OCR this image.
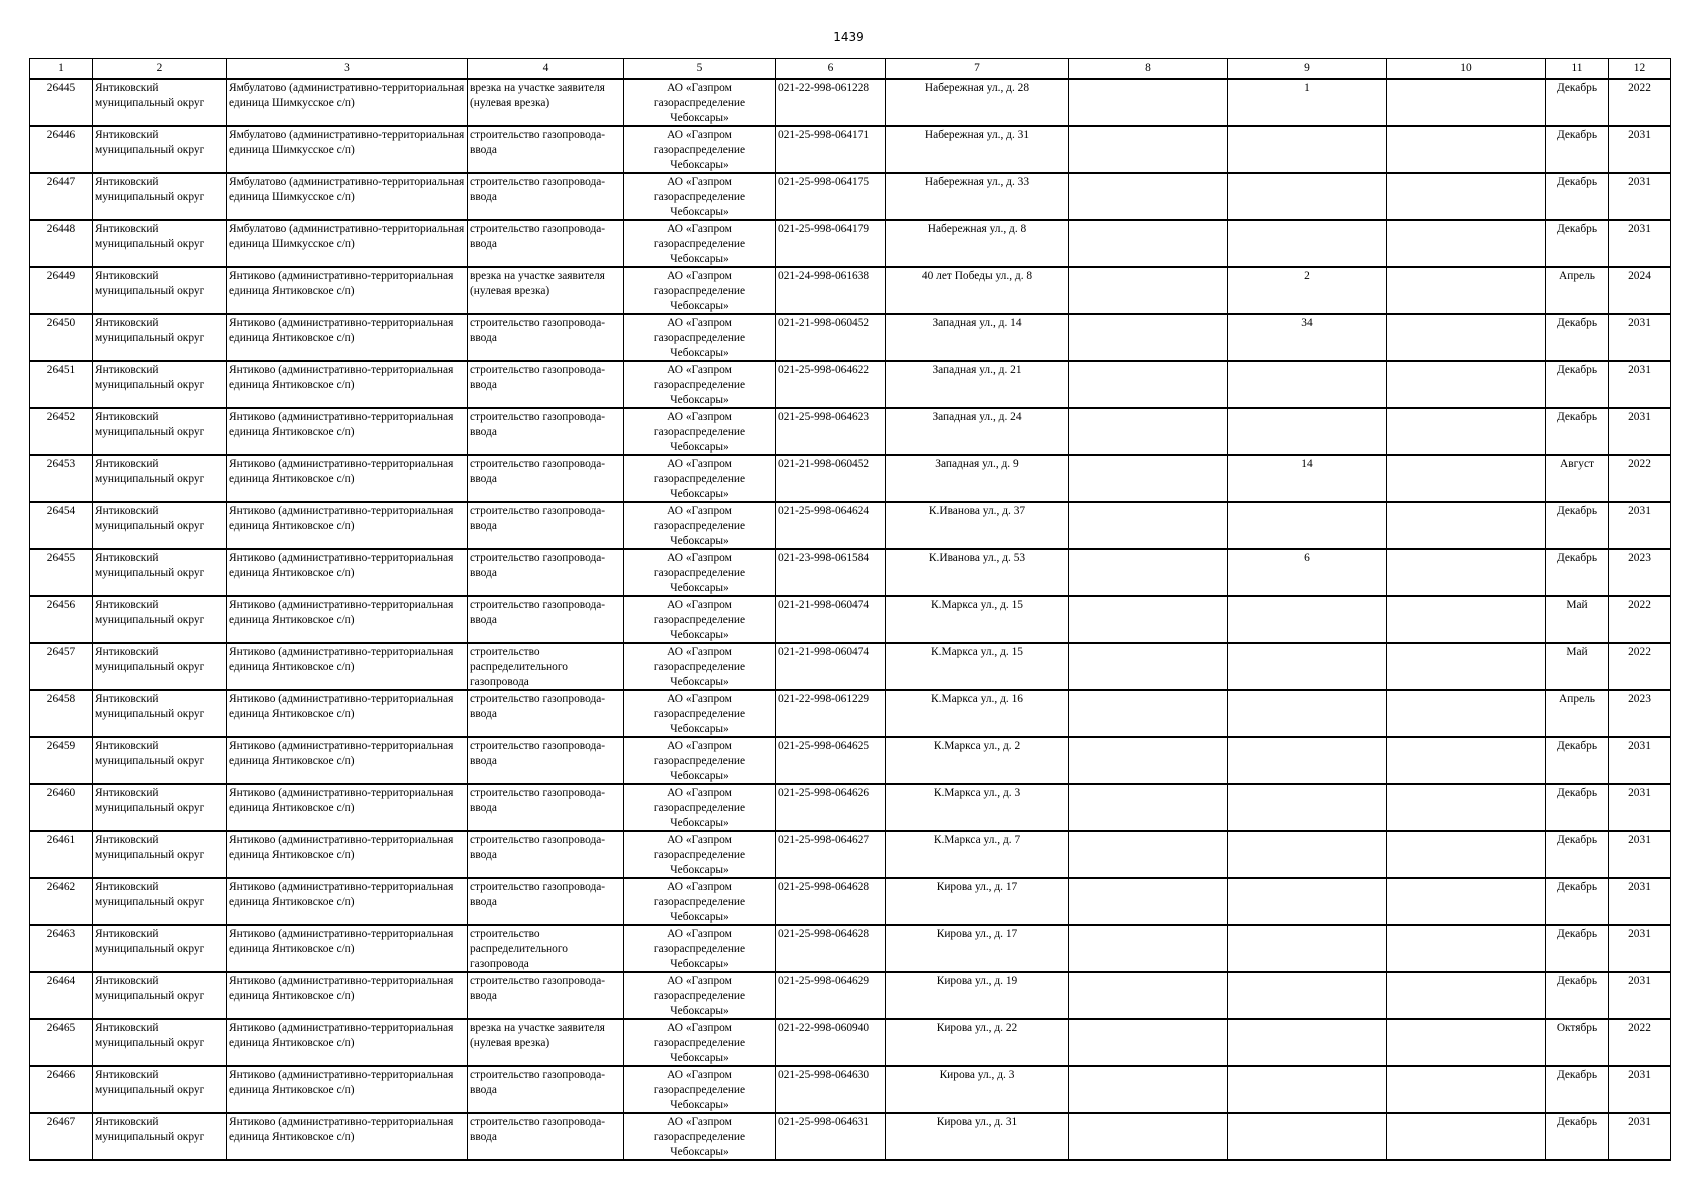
1439
1	2	3	4	5	6	7	8	9	10	11	12

26445	Янтиковский муниципальный округ	Ямбулатово (административно-территориальная единица Шимкусское с/п)	врезка на участке заявителя (нулевая врезка)	АО «Газпром газораспределение Чебоксары»	021-22-998-061228	Набережная ул., д. 28		1		Декабрь	2022

26446	Янтиковский муниципальный округ	Ямбулатово (административно-территориальная единица Шимкусское с/п)	строительство газопровода-ввода	АО «Газпром газораспределение Чебоксары»	021-25-998-064171	Набережная ул., д. 31				Декабрь	2031

26447	Янтиковский муниципальный округ	Ямбулатово (административно-территориальная единица Шимкусское с/п)	строительство газопровода-ввода	АО «Газпром газораспределение Чебоксары»	021-25-998-064175	Набережная ул., д. 33				Декабрь	2031

26448	Янтиковский муниципальный округ	Ямбулатово (административно-территориальная единица Шимкусское с/п)	строительство газопровода-ввода	АО «Газпром газораспределение Чебоксары»	021-25-998-064179	Набережная ул., д. 8				Декабрь	2031

26449	Янтиковский муниципальный округ	Янтиково (административно-территориальная единица Янтиковское с/п)	врезка на участке заявителя (нулевая врезка)	АО «Газпром газораспределение Чебоксары»	021-24-998-061638	40 лет Победы ул., д. 8		2		Апрель	2024

26450	Янтиковский муниципальный округ	Янтиково (административно-территориальная единица Янтиковское с/п)	строительство газопровода-ввода	АО «Газпром газораспределение Чебоксары»	021-21-998-060452	Западная ул., д. 14		34		Декабрь	2031

26451	Янтиковский муниципальный округ	Янтиково (административно-территориальная единица Янтиковское с/п)	строительство газопровода-ввода	АО «Газпром газораспределение Чебоксары»	021-25-998-064622	Западная ул., д. 21				Декабрь	2031

26452	Янтиковский муниципальный округ	Янтиково (административно-территориальная единица Янтиковское с/п)	строительство газопровода-ввода	АО «Газпром газораспределение Чебоксары»	021-25-998-064623	Западная ул., д. 24				Декабрь	2031

26453	Янтиковский муниципальный округ	Янтиково (административно-территориальная единица Янтиковское с/п)	строительство газопровода-ввода	АО «Газпром газораспределение Чебоксары»	021-21-998-060452	Западная ул., д. 9		14		Август	2022

26454	Янтиковский муниципальный округ	Янтиково (административно-территориальная единица Янтиковское с/п)	строительство газопровода-ввода	АО «Газпром газораспределение Чебоксары»	021-25-998-064624	К.Иванова ул., д. 37				Декабрь	2031

26455	Янтиковский муниципальный округ	Янтиково (административно-территориальная единица Янтиковское с/п)	строительство газопровода-ввода	АО «Газпром газораспределение Чебоксары»	021-23-998-061584	К.Иванова ул., д. 53		6		Декабрь	2023

26456	Янтиковский муниципальный округ	Янтиково (административно-территориальная единица Янтиковское с/п)	строительство газопровода-ввода	АО «Газпром газораспределение Чебоксары»	021-21-998-060474	К.Маркса ул., д. 15				Май	2022

26457	Янтиковский муниципальный округ	Янтиково (административно-территориальная единица Янтиковское с/п)	строительство распределительного газопровода	АО «Газпром газораспределение Чебоксары»	021-21-998-060474	К.Маркса ул., д. 15				Май	2022

26458	Янтиковский муниципальный округ	Янтиково (административно-территориальная единица Янтиковское с/п)	строительство газопровода-ввода	АО «Газпром газораспределение Чебоксары»	021-22-998-061229	К.Маркса ул., д. 16				Апрель	2023

26459	Янтиковский муниципальный округ	Янтиково (административно-территориальная единица Янтиковское с/п)	строительство газопровода-ввода	АО «Газпром газораспределение Чебоксары»	021-25-998-064625	К.Маркса ул., д. 2				Декабрь	2031

26460	Янтиковский муниципальный округ	Янтиково (административно-территориальная единица Янтиковское с/п)	строительство газопровода-ввода	АО «Газпром газораспределение Чебоксары»	021-25-998-064626	К.Маркса ул., д. 3				Декабрь	2031

26461	Янтиковский муниципальный округ	Янтиково (административно-территориальная единица Янтиковское с/п)	строительство газопровода-ввода	АО «Газпром газораспределение Чебоксары»	021-25-998-064627	К.Маркса ул., д. 7				Декабрь	2031

26462	Янтиковский муниципальный округ	Янтиково (административно-территориальная единица Янтиковское с/п)	строительство газопровода-ввода	АО «Газпром газораспределение Чебоксары»	021-25-998-064628	Кирова ул., д. 17				Декабрь	2031

26463	Янтиковский муниципальный округ	Янтиково (административно-территориальная единица Янтиковское с/п)	строительство распределительного газопровода	АО «Газпром газораспределение Чебоксары»	021-25-998-064628	Кирова ул., д. 17				Декабрь	2031

26464	Янтиковский муниципальный округ	Янтиково (административно-территориальная единица Янтиковское с/п)	строительство газопровода-ввода	АО «Газпром газораспределение Чебоксары»	021-25-998-064629	Кирова ул., д. 19				Декабрь	2031

26465	Янтиковский муниципальный округ	Янтиково (административно-территориальная единица Янтиковское с/п)	врезка на участке заявителя (нулевая врезка)	АО «Газпром газораспределение Чебоксары»	021-22-998-060940	Кирова ул., д. 22				Октябрь	2022

26466	Янтиковский муниципальный округ	Янтиково (административно-территориальная единица Янтиковское с/п)	строительство газопровода-ввода	АО «Газпром газораспределение Чебоксары»	021-25-998-064630	Кирова ул., д. 3				Декабрь	2031

26467	Янтиковский муниципальный округ	Янтиково (административно-территориальная единица Янтиковское с/п)	строительство газопровода-ввода	АО «Газпром газораспределение Чебоксары»	021-25-998-064631	Кирова ул., д. 31				Декабрь	2031
